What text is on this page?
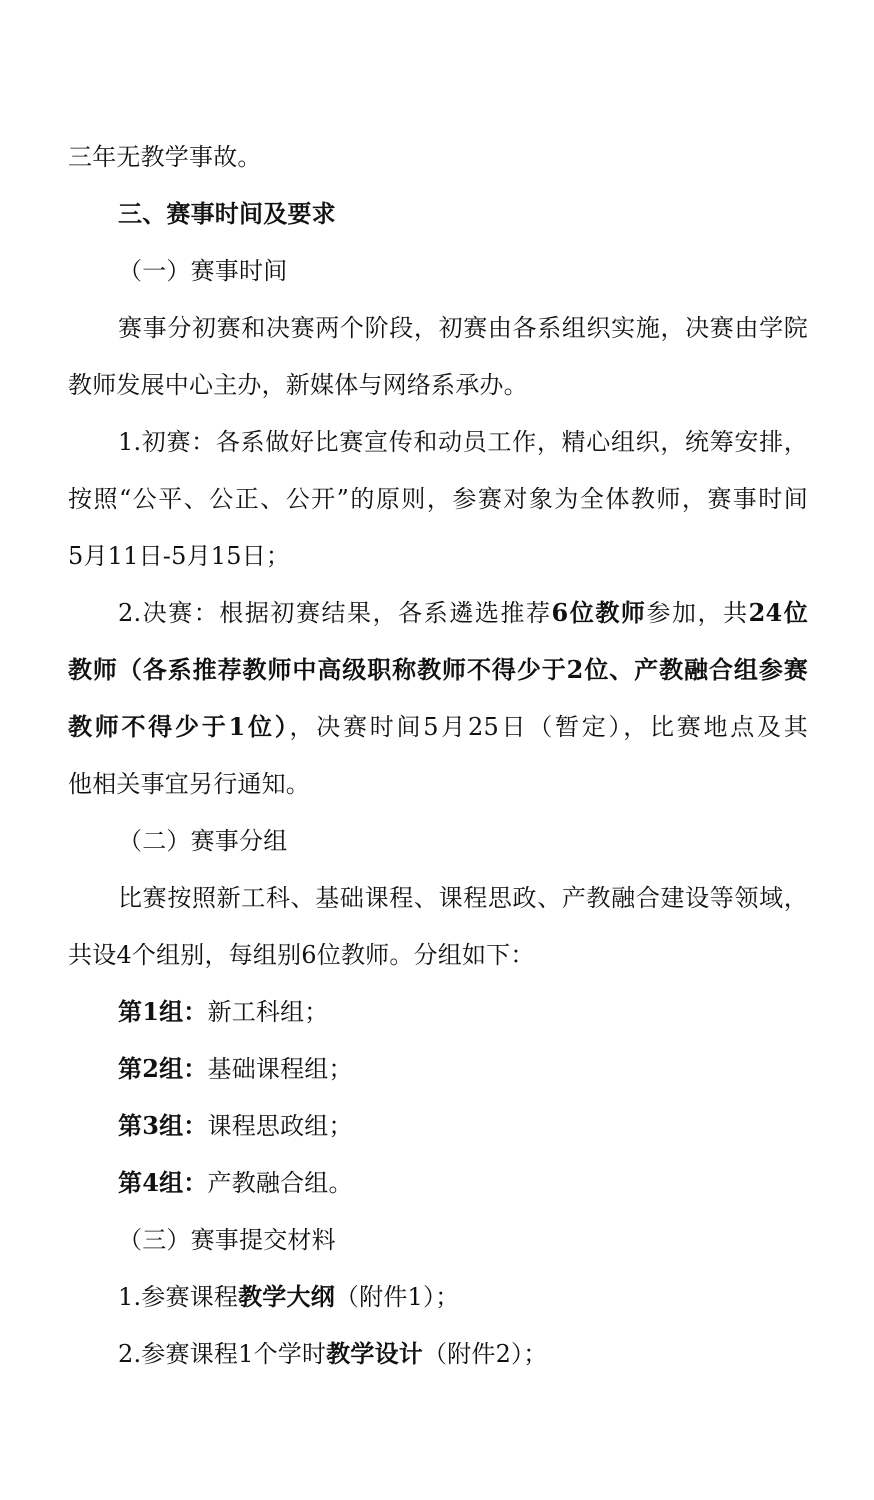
三年无教学事故。
三、赛事时间及要求
（一）赛事时间
赛事分初赛和决赛两个阶段，初赛由各系组织实施，决赛由学院
教师发展中心主办，新媒体与网络系承办。
1.初赛：各系做好比赛宣传和动员工作，精心组织，统筹安排，
按照“公平、公正、公开”的原则，参赛对象为全体教师，赛事时间
5月11日-5月15日；
2.决赛：根据初赛结果，各系遴选推荐6位教师参加，共24位
教师（各系推荐教师中高级职称教师不得少于2位、产教融合组参赛
教师不得少于1位），决赛时间5月25日（暂定），比赛地点及其
他相关事宜另行通知。
（二）赛事分组
比赛按照新工科、基础课程、课程思政、产教融合建设等领域，
共设4个组别，每组别6位教师。分组如下：
第1组：新工科组；
第2组：基础课程组；
第3组：课程思政组；
第4组：产教融合组。
（三）赛事提交材料
1.参赛课程教学大纲（附件1）；
2.参赛课程1个学时教学设计（附件2）；
